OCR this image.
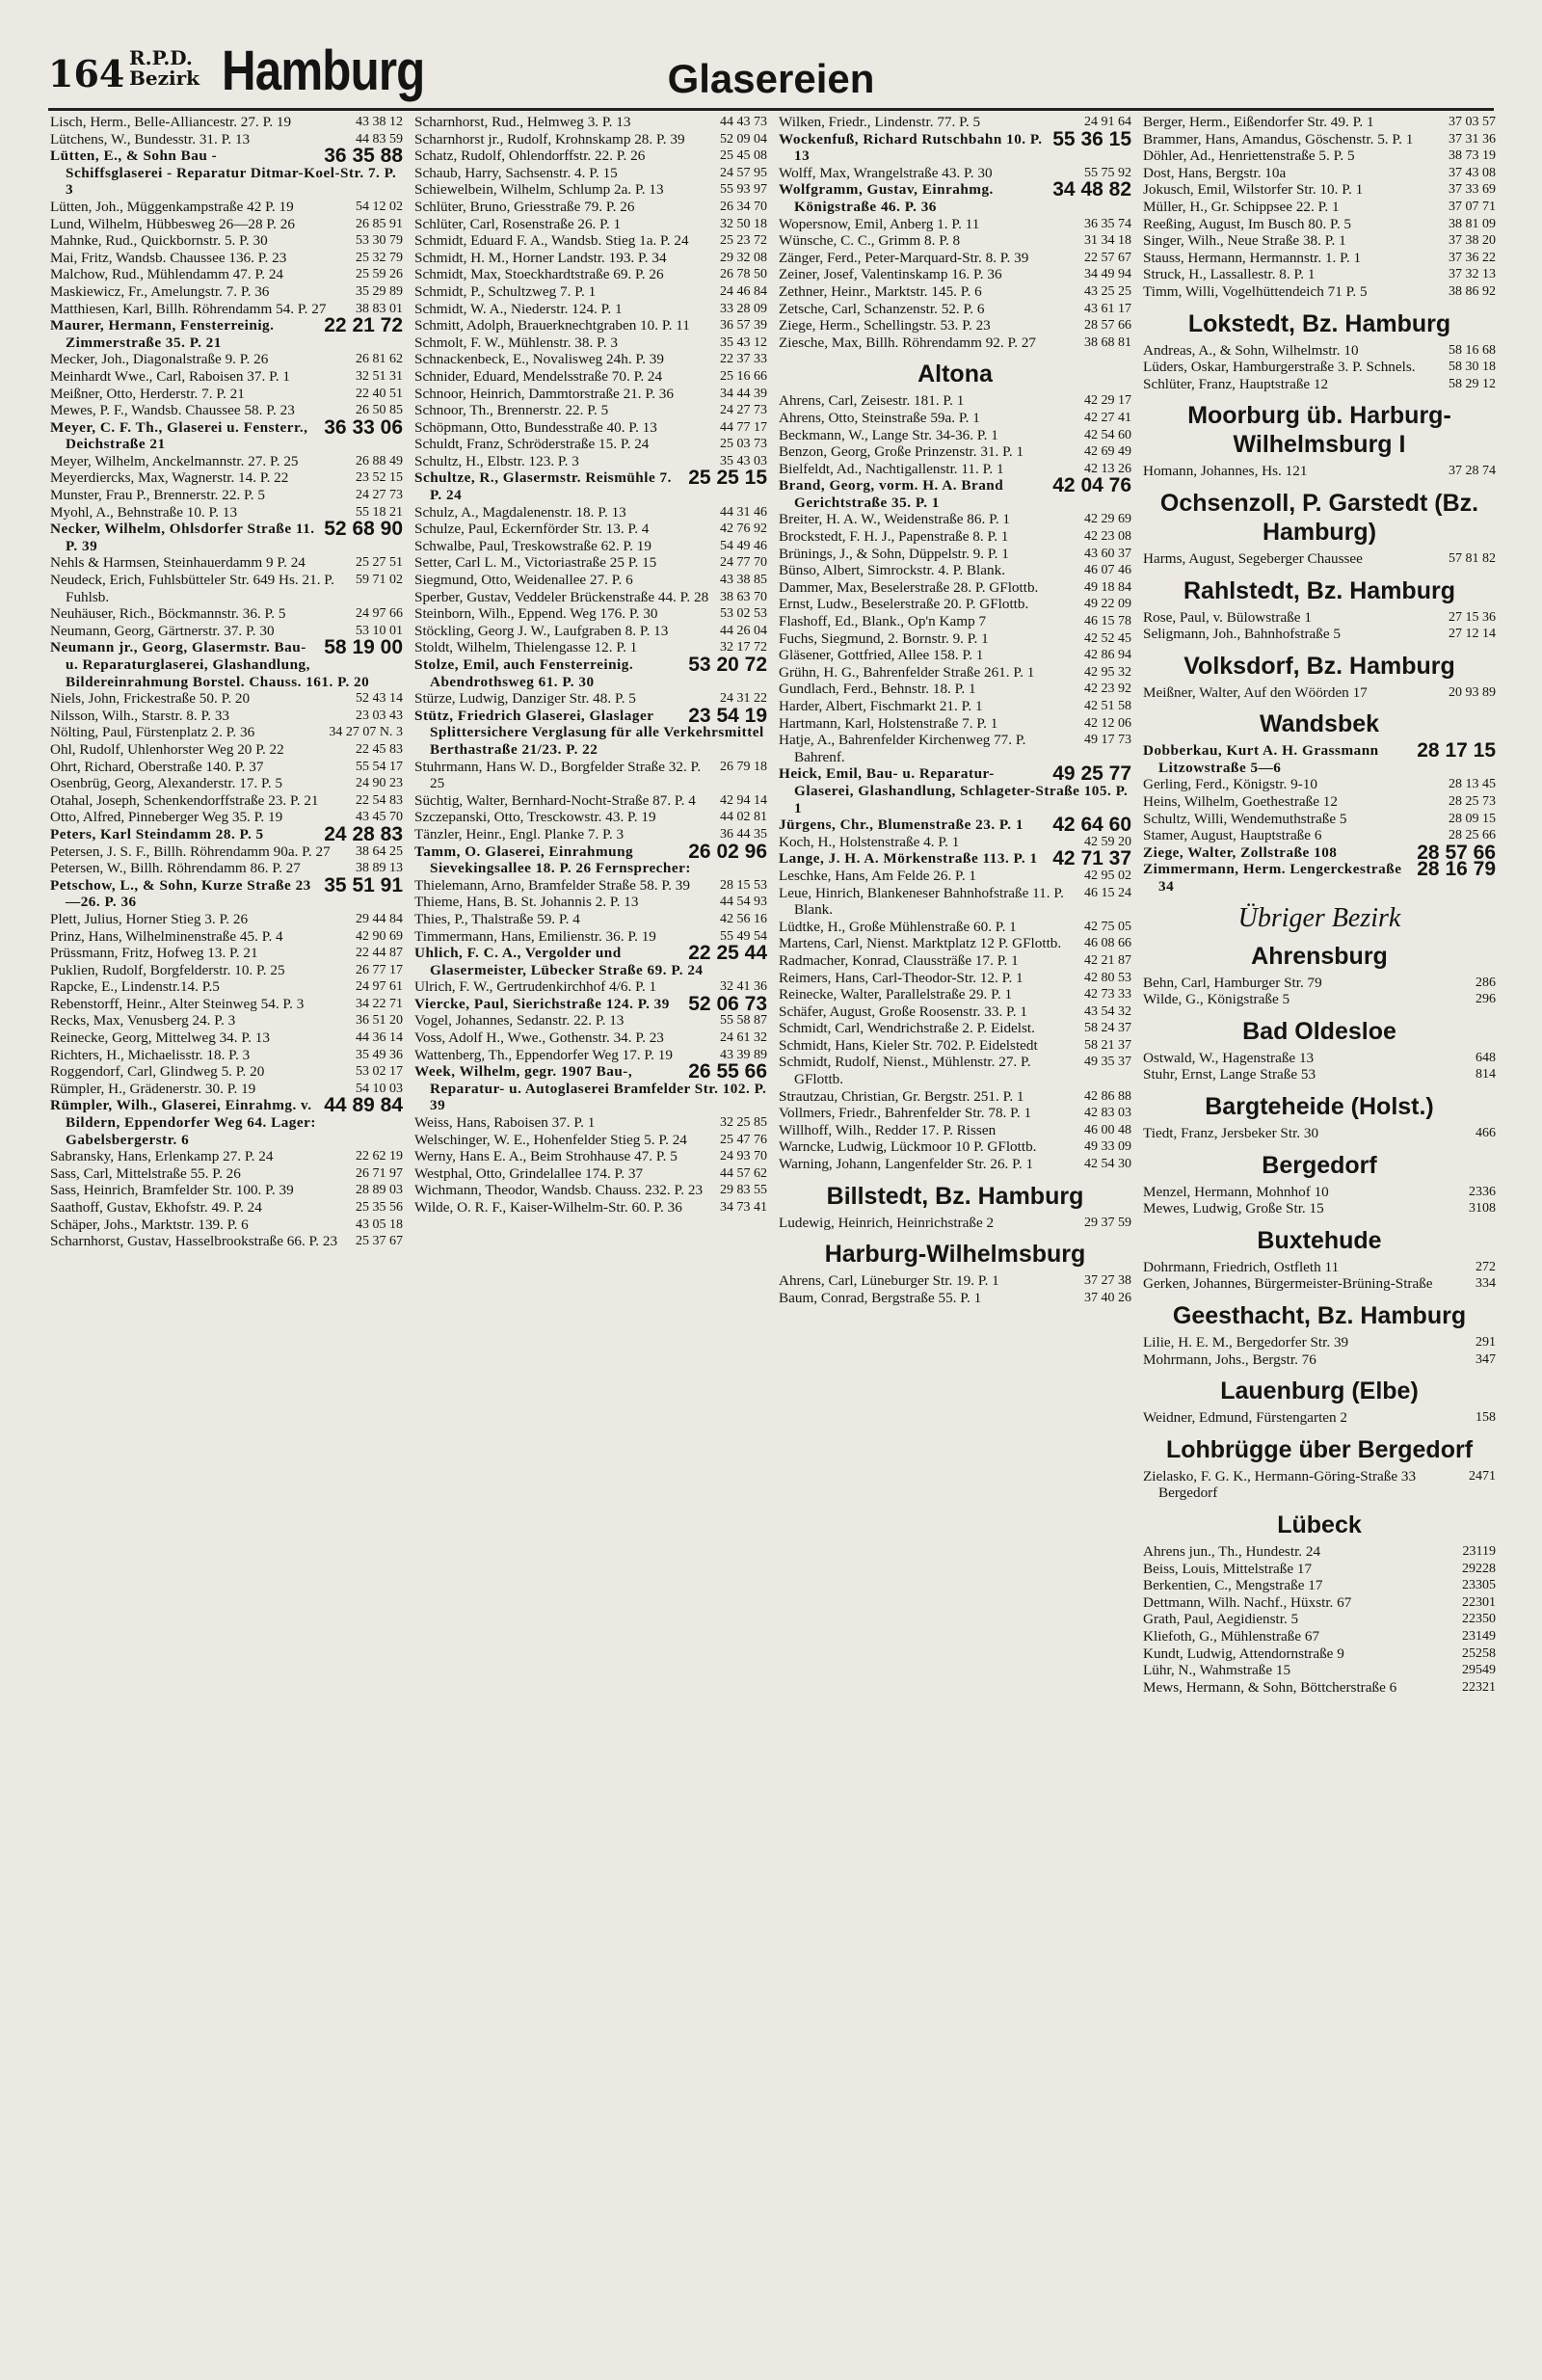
164 R.P.D.
Bezirk Hamburg	Glasereien
43 38 12
Lisch, Herm., Belle-Alliancestr. 27. P. 19
44 83 59
Lütchens, W., Bundesstr. 31. P. 13
36 35 88
Lütten, E., & Sohn Bau - Schiffsglaserei - Reparatur Ditmar-Koel-Str. 7. P. 3
54 12 02
Lütten, Joh., Müggenkampstraße 42 P. 19
26 85 91
Lund, Wilhelm, Hübbesweg 26—28 P. 26
53 30 79
Mahnke, Rud., Quickbornstr. 5. P. 30
25 32 79
Mai, Fritz, Wandsb. Chaussee 136. P. 23
25 59 26
Malchow, Rud., Mühlendamm 47. P. 24
35 29 89
Maskiewicz, Fr., Amelungstr. 7. P. 36
38 83 01
Matthiesen, Karl, Billh. Röhrendamm 54. P. 27
22 21 72
Maurer, Hermann, Fensterreinig. Zimmerstraße 35. P. 21
26 81 62
Mecker, Joh., Diagonalstraße 9. P. 26
32 51 31
Meinhardt Wwe., Carl, Raboisen 37. P. 1
22 40 51
Meißner, Otto, Herderstr. 7. P. 21
26 50 85
Mewes, P. F., Wandsb. Chaussee 58. P. 23
36 33 06
Meyer, C. F. Th., Glaserei u. Fensterr., Deichstraße 21
26 88 49
Meyer, Wilhelm, Anckelmannstr. 27. P. 25
23 52 15
Meyerdiercks, Max, Wagnerstr. 14. P. 22
24 27 73
Munster, Frau P., Brennerstr. 22. P. 5
55 18 21
Myohl, A., Behnstraße 10. P. 13
52 68 90
Necker, Wilhelm, Ohlsdorfer Straße 11. P. 39
25 27 51
Nehls & Harmsen, Steinhauerdamm 9 P. 24
59 71 02
Neudeck, Erich, Fuhlsbütteler Str. 649 Hs. 21. P. Fuhlsb.
24 97 66
Neuhäuser, Rich., Böckmannstr. 36. P. 5
53 10 01
Neumann, Georg, Gärtnerstr. 37. P. 30
58 19 00
Neumann jr., Georg, Glasermstr. Bau- u. Reparaturglaserei, Glashandlung, Bildereinrahmung Borstel. Chauss. 161. P. 20
52 43 14
Niels, John, Frickestraße 50. P. 20
23 03 43
Nilsson, Wilh., Starstr. 8. P. 33
34 27 07 N. 3
Nölting, Paul, Fürstenplatz 2. P. 36
22 45 83
Ohl, Rudolf, Uhlenhorster Weg 20 P. 22
55 54 17
Ohrt, Richard, Oberstraße 140. P. 37
24 90 23
Osenbrüg, Georg, Alexanderstr. 17. P. 5
22 54 83
Otahal, Joseph, Schenkendorffstraße 23. P. 21
43 45 70
Otto, Alfred, Pinneberger Weg 35. P. 19
24 28 83
Peters, Karl Steindamm 28. P. 5
38 64 25
Petersen, J. S. F., Billh. Röhrendamm 90a. P. 27
38 89 13
Petersen, W., Billh. Röhrendamm 86. P. 27
35 51 91
Petschow, L., & Sohn, Kurze Straße 23—26. P. 36
29 44 84
Plett, Julius, Horner Stieg 3. P. 26
42 90 69
Prinz, Hans, Wilhelminenstraße 45. P. 4
22 44 87
Prüssmann, Fritz, Hofweg 13. P. 21
26 77 17
Puklien, Rudolf, Borgfelderstr. 10. P. 25
24 97 61
Rapcke, E., Lindenstr.14. P.5
34 22 71
Rebenstorff, Heinr., Alter Steinweg 54. P. 3
36 51 20
Recks, Max, Venusberg 24. P. 3
44 36 14
Reinecke, Georg, Mittelweg 34. P. 13
35 49 36
Richters, H., Michaelisstr. 18. P. 3
53 02 17
Roggendorf, Carl, Glindweg 5. P. 20
54 10 03
Rümpler, H., Grädenerstr. 30. P. 19
44 89 84
Rümpler, Wilh., Glaserei, Einrahmg. v. Bildern, Eppendorfer Weg 64. Lager: Gabelsbergerstr. 6
22 62 19
Sabransky, Hans, Erlenkamp 27. P. 24
26 71 97
Sass, Carl, Mittelstraße 55. P. 26
28 89 03
Sass, Heinrich, Bramfelder Str. 100. P. 39
25 35 56
Saathoff, Gustav, Ekhofstr. 49. P. 24
43 05 18
Schäper, Johs., Marktstr. 139. P. 6
25 37 67
Scharnhorst, Gustav, Hasselbrookstraße 66. P. 23
44 43 73
Scharnhorst, Rud., Helmweg 3. P. 13
52 09 04
Scharnhorst jr., Rudolf, Krohnskamp 28. P. 39
25 45 08
Schatz, Rudolf, Ohlendorffstr. 22. P. 26
24 57 95
Schaub, Harry, Sachsenstr. 4. P. 15
55 93 97
Schiewelbein, Wilhelm, Schlump 2a. P. 13
26 34 70
Schlüter, Bruno, Griesstraße 79. P. 26
32 50 18
Schlüter, Carl, Rosenstraße 26. P. 1
25 23 72
Schmidt, Eduard F. A., Wandsb. Stieg 1a. P. 24
29 32 08
Schmidt, H. M., Horner Landstr. 193. P. 34
26 78 50
Schmidt, Max, Stoeckhardtstraße 69. P. 26
24 46 84
Schmidt, P., Schultzweg 7. P. 1
33 28 09
Schmidt, W. A., Niederstr. 124. P. 1
36 57 39
Schmitt, Adolph, Brauerknechtgraben 10. P. 11
35 43 12
Schmolt, F. W., Mühlenstr. 38. P. 3
22 37 33
Schnackenbeck, E., Novalisweg 24h. P. 39
25 16 66
Schnider, Eduard, Mendelsstraße 70. P. 24
34 44 39
Schnoor, Heinrich, Dammtorstraße 21. P. 36
24 27 73
Schnoor, Th., Brennerstr. 22. P. 5
44 77 17
Schöpmann, Otto, Bundesstraße 40. P. 13
25 03 73
Schuldt, Franz, Schröderstraße 15. P. 24
35 43 03
Schultz, H., Elbstr. 123. P. 3
25 25 15
Schultze, R., Glasermstr. Reismühle 7. P. 24
44 31 46
Schulz, A., Magdalenenstr. 18. P. 13
42 76 92
Schulze, Paul, Eckernförder Str. 13. P. 4
54 49 46
Schwalbe, Paul, Treskowstraße 62. P. 19
24 77 70
Setter, Carl L. M., Victoriastraße 25 P. 15
43 38 85
Siegmund, Otto, Weidenallee 27. P. 6
38 63 70
Sperber, Gustav, Veddeler Brückenstraße 44. P. 28
53 02 53
Steinborn, Wilh., Eppend. Weg 176. P. 30
44 26 04
Stöckling, Georg J. W., Laufgraben 8. P. 13
32 17 72
Stoldt, Wilhelm, Thielengasse 12. P. 1
53 20 72
Stolze, Emil, auch Fensterreinig. Abendrothsweg 61. P. 30
24 31 22
Stürze, Ludwig, Danziger Str. 48. P. 5
23 54 19
Stütz, Friedrich Glaserei, Glaslager Splittersichere Verglasung für alle Verkehrsmittel Berthastraße 21/23. P. 22
26 79 18
Stuhrmann, Hans W. D., Borgfelder Straße 32. P. 25
42 94 14
Süchtig, Walter, Bernhard-Nocht-Straße 87. P. 4
44 02 81
Szczepanski, Otto, Tresckowstr. 43. P. 19
36 44 35
Tänzler, Heinr., Engl. Planke 7. P. 3
26 02 96
Tamm, O. Glaserei, Einrahmung Sievekingsallee 18. P. 26 Fernsprecher:
28 15 53
Thielemann, Arno, Bramfelder Straße 58. P. 39
44 54 93
Thieme, Hans, B. St. Johannis 2. P. 13
42 56 16
Thies, P., Thalstraße 59. P. 4
55 49 54
Timmermann, Hans, Emilienstr. 36. P. 19
22 25 44
Uhlich, F. C. A., Vergolder und Glasermeister, Lübecker Straße 69. P. 24
32 41 36
Ulrich, F. W., Gertrudenkirchhof 4/6. P. 1
52 06 73
Viercke, Paul, Sierichstraße 124. P. 39
55 58 87
Vogel, Johannes, Sedanstr. 22. P. 13
24 61 32
Voss, Adolf H., Wwe., Gothenstr. 34. P. 23
43 39 89
Wattenberg, Th., Eppendorfer Weg 17. P. 19
26 55 66
Week, Wilhelm, gegr. 1907 Bau-, Reparatur- u. Autoglaserei Bramfelder Str. 102. P. 39
32 25 85
Weiss, Hans, Raboisen 37. P. 1
25 47 76
Welschinger, W. E., Hohenfelder Stieg 5. P. 24
24 93 70
Werny, Hans E. A., Beim Strohhause 47. P. 5
44 57 62
Westphal, Otto, Grindelallee 174. P. 37
29 83 55
Wichmann, Theodor, Wandsb. Chauss. 232. P. 23
34 73 41
Wilde, O. R. F., Kaiser-Wilhelm-Str. 60. P. 36
24 91 64
Wilken, Friedr., Lindenstr. 77. P. 5
55 36 15
Wockenfuß, Richard Rutschbahn 10. P. 13
55 75 92
Wolff, Max, Wrangelstraße 43. P. 30
34 48 82
Wolfgramm, Gustav, Einrahmg. Königstraße 46. P. 36
36 35 74
Wopersnow, Emil, Anberg 1. P. 11
31 34 18
Wünsche, C. C., Grimm 8. P. 8
22 57 67
Zänger, Ferd., Peter-Marquard-Str. 8. P. 39
34 49 94
Zeiner, Josef, Valentinskamp 16. P. 36
43 25 25
Zethner, Heinr., Marktstr. 145. P. 6
43 61 17
Zetsche, Carl, Schanzenstr. 52. P. 6
28 57 66
Ziege, Herm., Schellingstr. 53. P. 23
38 68 81
Ziesche, Max, Billh. Röhrendamm 92. P. 27
Altona
42 29 17
Ahrens, Carl, Zeisestr. 181. P. 1
42 27 41
Ahrens, Otto, Steinstraße 59a. P. 1
42 54 60
Beckmann, W., Lange Str. 34-36. P. 1
42 69 49
Benzon, Georg, Große Prinzenstr. 31. P. 1
42 13 26
Bielfeldt, Ad., Nachtigallenstr. 11. P. 1
42 04 76
Brand, Georg, vorm. H. A. Brand Gerichtstraße 35. P. 1
42 29 69
Breiter, H. A. W., Weidenstraße 86. P. 1
42 23 08
Brockstedt, F. H. J., Papenstraße 8. P. 1
43 60 37
Brünings, J., & Sohn, Düppelstr. 9. P. 1
46 07 46
Bünso, Albert, Simrockstr. 4. P. Blank.
49 18 84
Dammer, Max, Beselerstraße 28. P. GFlottb.
49 22 09
Ernst, Ludw., Beselerstraße 20. P. GFlottb.
46 15 78
Flashoff, Ed., Blank., Op'n Kamp 7
42 52 45
Fuchs, Siegmund, 2. Bornstr. 9. P. 1
42 86 94
Gläsener, Gottfried, Allee 158. P. 1
42 95 32
Grühn, H. G., Bahrenfelder Straße 261. P. 1
42 23 92
Gundlach, Ferd., Behnstr. 18. P. 1
42 51 58
Harder, Albert, Fischmarkt 21. P. 1
42 12 06
Hartmann, Karl, Holstenstraße 7. P. 1
49 17 73
Hatje, A., Bahrenfelder Kirchenweg 77. P. Bahrenf.
49 25 77
Heick, Emil, Bau- u. Reparatur-Glaserei, Glashandlung, Schlageter-Straße 105. P. 1
42 64 60
Jürgens, Chr., Blumenstraße 23. P. 1
42 59 20
Koch, H., Holstenstraße 4. P. 1
42 71 37
Lange, J. H. A. Mörkenstraße 113. P. 1
42 95 02
Leschke, Hans, Am Felde 26. P. 1
46 15 24
Leue, Hinrich, Blankeneser Bahnhofstraße 11. P. Blank.
42 75 05
Lüdtke, H., Große Mühlenstraße 60. P. 1
46 08 66
Martens, Carl, Nienst. Marktplatz 12 P. GFlottb.
42 21 87
Radmacher, Konrad, Claussträße 17. P. 1
42 80 53
Reimers, Hans, Carl-Theodor-Str. 12. P. 1
42 73 33
Reinecke, Walter, Parallelstraße 29. P. 1
43 54 32
Schäfer, August, Große Roosenstr. 33. P. 1
58 24 37
Schmidt, Carl, Wendrichstraße 2. P. Eidelst.
58 21 37
Schmidt, Hans, Kieler Str. 702. P. Eidelstedt
49 35 37
Schmidt, Rudolf, Nienst., Mühlenstr. 27. P. GFlottb.
42 86 88
Strautzau, Christian, Gr. Bergstr. 251. P. 1
42 83 03
Vollmers, Friedr., Bahrenfelder Str. 78. P. 1
46 00 48
Willhoff, Wilh., Redder 17. P. Rissen
49 33 09
Warncke, Ludwig, Lückmoor 10 P. GFlottb.
42 54 30
Warning, Johann, Langenfelder Str. 26. P. 1
Billstedt, Bz. Hamburg
29 37 59
Ludewig, Heinrich, Heinrichstraße 2
Harburg-Wilhelmsburg
37 27 38
Ahrens, Carl, Lüneburger Str. 19. P. 1
37 40 26
Baum, Conrad, Bergstraße 55. P. 1
37 03 57
Berger, Herm., Eißendorfer Str. 49. P. 1
37 31 36
Brammer, Hans, Amandus, Göschenstr. 5. P. 1
38 73 19
Döhler, Ad., Henriettenstraße 5. P. 5
37 43 08
Dost, Hans, Bergstr. 10a
37 33 69
Jokusch, Emil, Wilstorfer Str. 10. P. 1
37 07 71
Müller, H., Gr. Schippsee 22. P. 1
38 81 09
Reeßing, August, Im Busch 80. P. 5
37 38 20
Singer, Wilh., Neue Straße 38. P. 1
37 36 22
Stauss, Hermann, Hermannstr. 1. P. 1
37 32 13
Struck, H., Lassallestr. 8. P. 1
38 86 92
Timm, Willi, Vogelhüttendeich 71 P. 5
Lokstedt, Bz. Hamburg
58 16 68
Andreas, A., & Sohn, Wilhelmstr. 10
58 30 18
Lüders, Oskar, Hamburgerstraße 3. P. Schnels.
58 29 12
Schlüter, Franz, Hauptstraße 12
Moorburg üb. Harburg-Wilhelmsburg I
37 28 74
Homann, Johannes, Hs. 121
Ochsenzoll, P. Garstedt (Bz. Hamburg)
57 81 82
Harms, August, Segeberger Chaussee
Rahlstedt, Bz. Hamburg
27 15 36
Rose, Paul, v. Bülowstraße 1
27 12 14
Seligmann, Joh., Bahnhofstraße 5
Volksdorf, Bz. Hamburg
20 93 89
Meißner, Walter, Auf den Wöörden 17
Wandsbek
28 17 15
Dobberkau, Kurt A. H. Grassmann Litzowstraße 5—6
28 13 45
Gerling, Ferd., Königstr. 9-10
28 25 73
Heins, Wilhelm, Goethestraße 12
28 09 15
Schultz, Willi, Wendemuthstraße 5
28 25 66
Stamer, August, Hauptstraße 6
28 57 66
Ziege, Walter, Zollstraße 108
28 16 79
Zimmermann, Herm. Lengerckestraße 34
Übriger Bezirk
Ahrensburg
286
Behn, Carl, Hamburger Str. 79
296
Wilde, G., Königstraße 5
Bad Oldesloe
648
Ostwald, W., Hagenstraße 13
814
Stuhr, Ernst, Lange Straße 53
Bargteheide (Holst.)
466
Tiedt, Franz, Jersbeker Str. 30
Bergedorf
2336
Menzel, Hermann, Mohnhof 10
3108
Mewes, Ludwig, Große Str. 15
Buxtehude
272
Dohrmann, Friedrich, Ostfleth 11
334
Gerken, Johannes, Bürgermeister-Brüning-Straße
Geesthacht, Bz. Hamburg
291
Lilie, H. E. M., Bergedorfer Str. 39
347
Mohrmann, Johs., Bergstr. 76
Lauenburg (Elbe)
158
Weidner, Edmund, Fürstengarten 2
Lohbrügge über Bergedorf
2471
Zielasko, F. G. K., Hermann-Göring-Straße 33 Bergedorf
Lübeck
23119
Ahrens jun., Th., Hundestr. 24
29228
Beiss, Louis, Mittelstraße 17
23305
Berkentien, C., Mengstraße 17
22301
Dettmann, Wilh. Nachf., Hüxstr. 67
22350
Grath, Paul, Aegidienstr. 5
23149
Kliefoth, G., Mühlenstraße 67
25258
Kundt, Ludwig, Attendornstraße 9
29549
Lühr, N., Wahmstraße 15
22321
Mews, Hermann, & Sohn, Böttcherstraße 6
